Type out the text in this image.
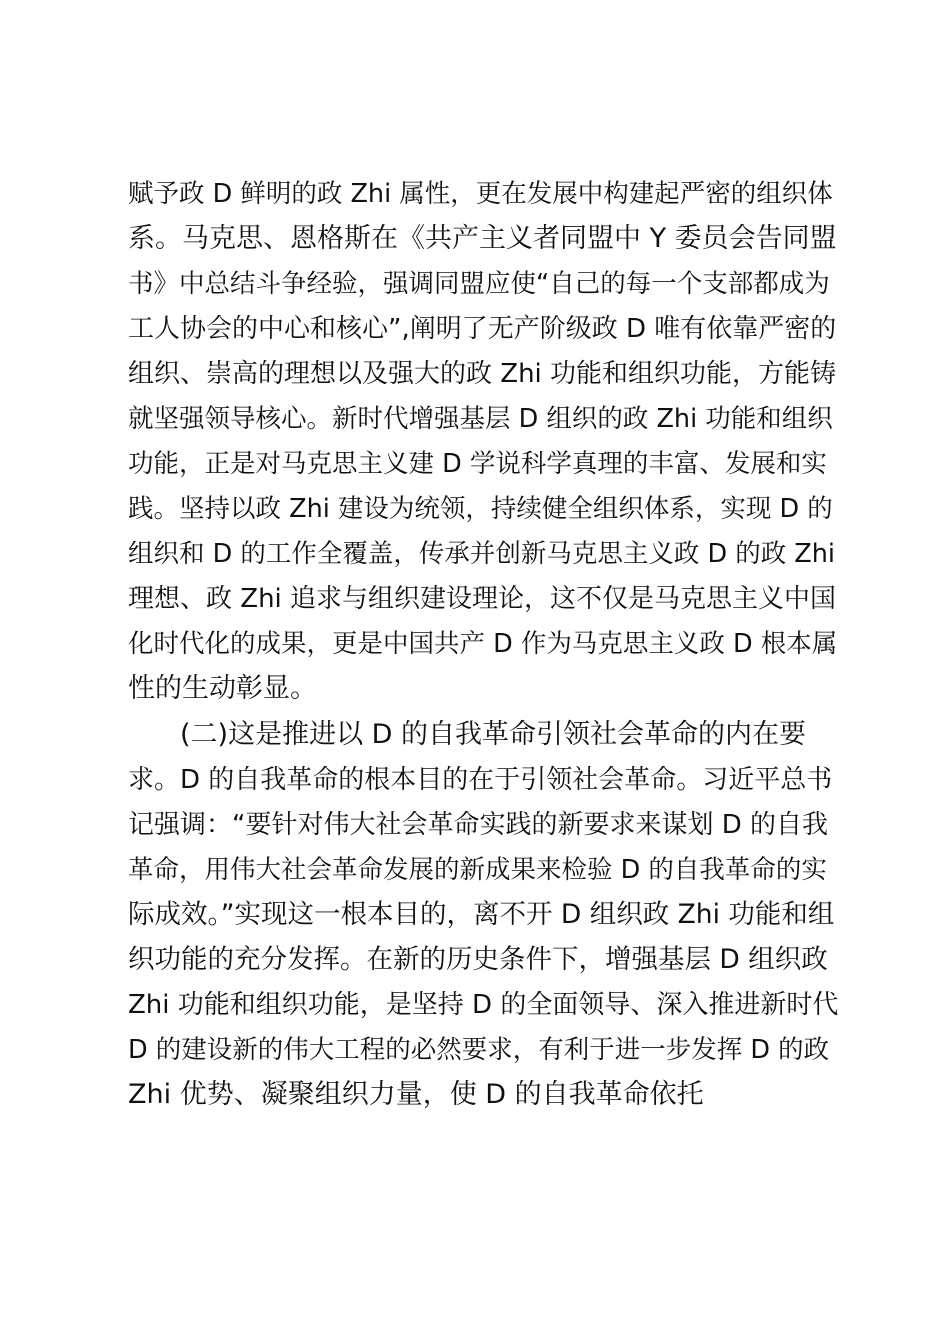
赋予政 D 鲜明的政 Zhi 属性，更在发展中构建起严密的组织体
系。马克思、恩格斯在《共产主义者同盟中 Y 委员会告同盟
书》中总结斗争经验，强调同盟应使“自己的每一个支部都成为
工人协会的中心和核心”,阐明了无产阶级政 D 唯有依靠严密的
组织、崇高的理想以及强大的政 Zhi 功能和组织功能，方能铸
就坚强领导核心。新时代增强基层 D 组织的政 Zhi 功能和组织
功能，正是对马克思主义建 D 学说科学真理的丰富、发展和实
践。坚持以政 Zhi 建设为统领，持续健全组织体系，实现 D 的
组织和 D 的工作全覆盖，传承并创新马克思主义政 D 的政 Zhi
理想、政 Zhi 追求与组织建设理论，这不仅是马克思主义中国
化时代化的成果，更是中国共产 D 作为马克思主义政 D 根本属
性的生动彰显。
(二)这是推进以 D 的自我革命引领社会革命的内在要
求。D 的自我革命的根本目的在于引领社会革命。习近平总书
记强调：“要针对伟大社会革命实践的新要求来谋划 D 的自我
革命，用伟大社会革命发展的新成果来检验 D 的自我革命的实
际成效。”实现这一根本目的，离不开 D 组织政 Zhi 功能和组
织功能的充分发挥。在新的历史条件下，增强基层 D 组织政
Zhi 功能和组织功能，是坚持 D 的全面领导、深入推进新时代
D 的建设新的伟大工程的必然要求，有利于进一步发挥 D 的政
Zhi 优势、凝聚组织力量，使 D 的自我革命依托
